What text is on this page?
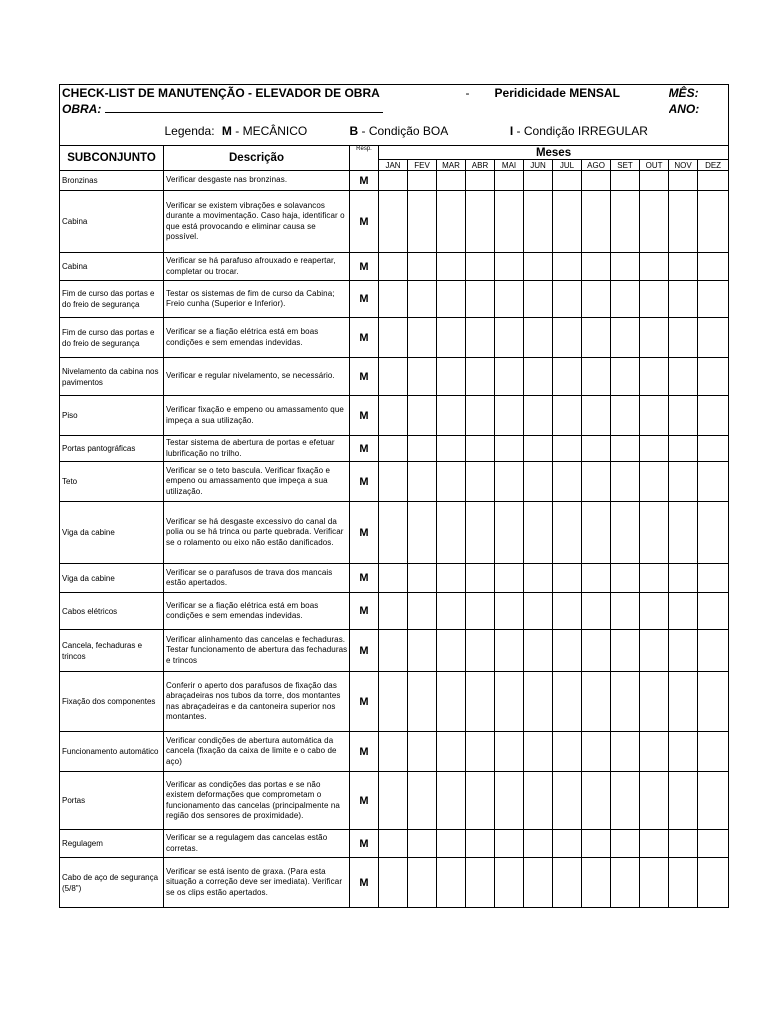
CHECK-LIST DE MANUTENÇÃO - ELEVADOR DE OBRA						-	Peridicidade MENSAL						MÊS:	
OBRA:													ANO:	
	Legenda: M - MECÂNICO B - Condição BOA I - Condição IRREGULAR													
SUBCONJUNTO	Descrição	Resp.	Meses											
			JAN	FEV	MAR	ABR	MAI	JUN	JUL	AGO	SET	OUT	NOV	DEZ
Bronzinas	Verificar desgaste nas bronzinas.	M												
Cabina	Verificar se existem vibrações e solavancos durante a movimentação. Caso haja, identificar o que está provocando e eliminar causa se possível.	M												
Cabina	Verificar se há parafuso afrouxado e reapertar, completar ou trocar.	M												
Fim de curso das portas e do freio de segurança	Testar os sistemas de fim de curso da Cabina; Freio cunha (Superior e Inferior).	M												
Fim de curso das portas e do freio de segurança	Verificar se a fiação elétrica está em boas condições e sem emendas indevidas.	M												
Nivelamento da cabina nos pavimentos	Verificar e regular nivelamento, se necessário.	M												
Piso	Verificar fixação e empeno ou amassamento que impeça a sua utilização.	M												
Portas pantográficas	Testar sistema de abertura de portas e efetuar lubrificação no trilho.	M												
Teto	Verificar se o teto bascula. Verificar fixação e empeno ou amassamento que impeça a sua utilização.	M												
Viga da cabine	Verificar se há desgaste excessivo do canal da polia ou se há trinca ou parte quebrada. Verificar se o rolamento ou eixo não estão danificados.	M												
Viga da cabine	Verificar se o parafusos de trava dos mancais estão apertados.	M												
Cabos elétricos	Verificar se a fiação elétrica está em boas condições e sem emendas indevidas.	M												
Cancela, fechaduras e trincos	Verificar alinhamento das cancelas e fechaduras. Testar funcionamento de abertura das fechaduras e trincos	M												
Fixação dos componentes	Conferir o aperto dos parafusos de fixação das abraçadeiras nos tubos da torre, dos montantes nas abraçadeiras e da cantoneira superior nos montantes.	M												
Funcionamento automático	Verificar condições de abertura automática da cancela (fixação da caixa de limite e o cabo de aço)	M												
Portas	Verificar as condições das portas e se não existem deformações que comprometam o funcionamento das cancelas (principalmente na região dos sensores de proximidade).	M												
Regulagem	Verificar se a regulagem das cancelas estão corretas.	M												
Cabo de aço de segurança (5/8")	Verificar se está isento de graxa. (Para esta situação a correção deve ser imediata). Verificar se os clips estão apertados.	M												
